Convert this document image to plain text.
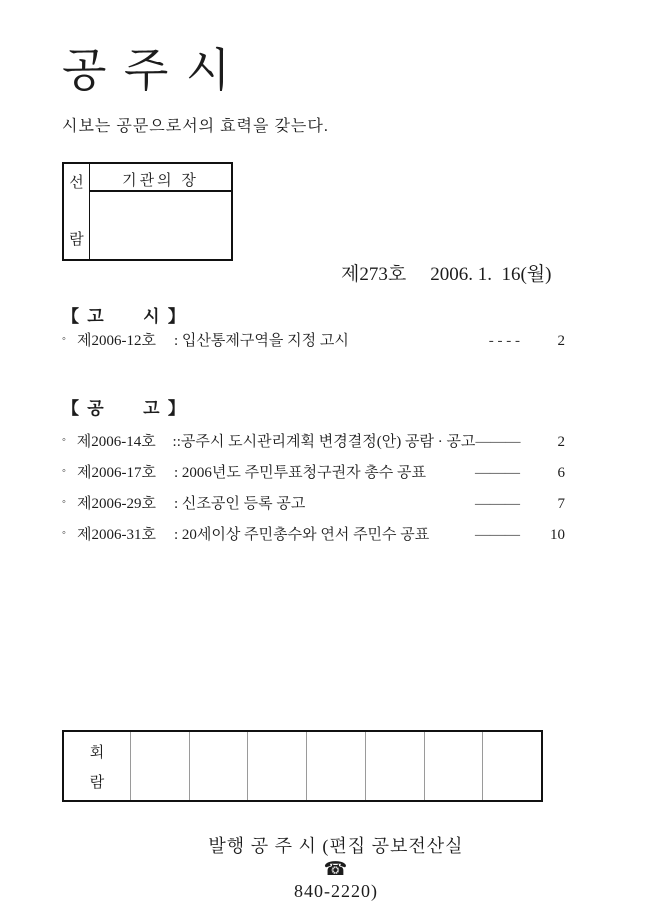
공 주 시

시보는 공문으로서의 효력을 갖는다.

선
람
기관의 장

제273호 2006. 1.  16(월)

【 고      시 】
◦ 제2006-12호	: 입산통제구역을 지정 고시	- - - -	2
【 공      고 】
◦ 제2006-14호	::공주시 도시관리계획 변경결정(안) 공람 · 공고 ———	2
◦ 제2006-17호	: 2006년도 주민투표청구권자 총수 공표	———	6
◦ 제2006-29호	: 신조공인 등록 공고	———	7
◦ 제2006-31호	: 20세이상 주민총수와 연서 주민수 공표	———	10
회
람

발행 공 주 시 (편집 공보전산실
☎
840-2220)
